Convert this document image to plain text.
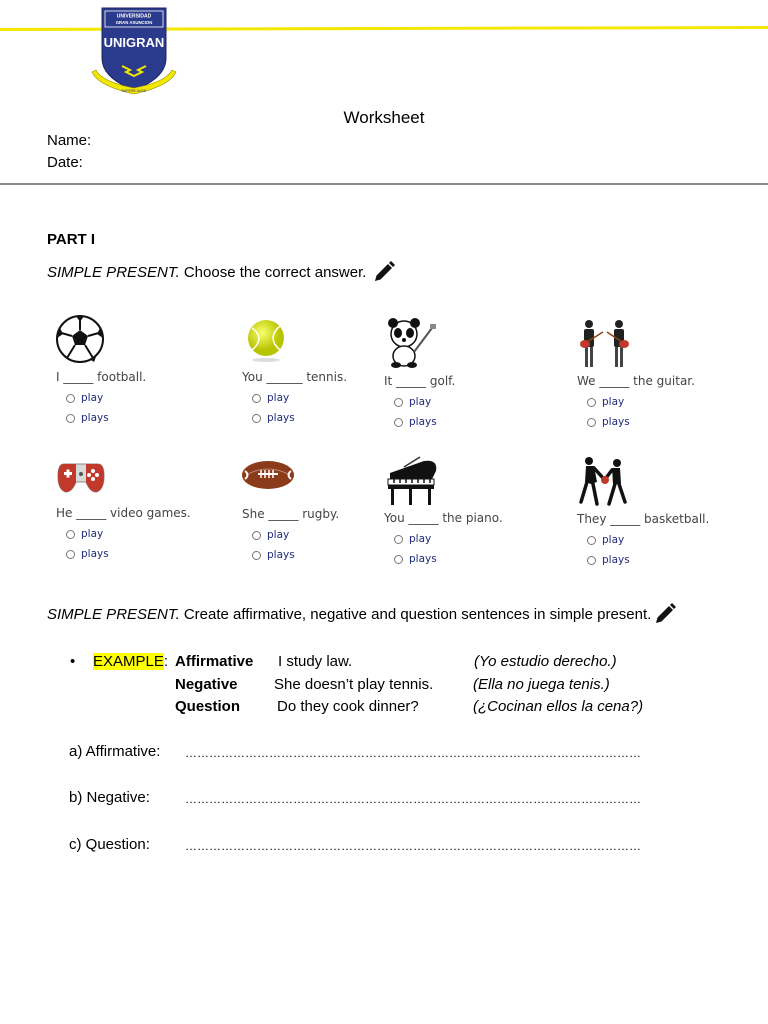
UNIVERSIDAD
GRAN ASUNCION
UNIGRAN
SAPERE AUDE
Worksheet
Name:
Date:
PART I
SIMPLE PRESENT. Choose the correct answer.
I _____ football.
play
plays
You ______ tennis.
play
plays
It _____ golf.
play
plays
We _____ the guitar.
play
plays
He _____ video games.
play
plays
She _____ rugby.
play
plays
You _____ the piano.
play
plays
They _____ basketball.
play
plays
SIMPLE PRESENT. Create affirmative, negative and question sentences in simple present.
• EXAMPLE: Affirmative I study law.	(Yo estudio derecho.)
Negative She doesn’t play tennis.	(Ella no juega tenis.)
Question Do they cook dinner?	(¿Cocinan ellos la cena?)
a) Affirmative: ……………………………………………………………………………………………………
b) Negative:	……………………………………………………………………………………………………
c) Question:	……………………………………………………………………………………………………
